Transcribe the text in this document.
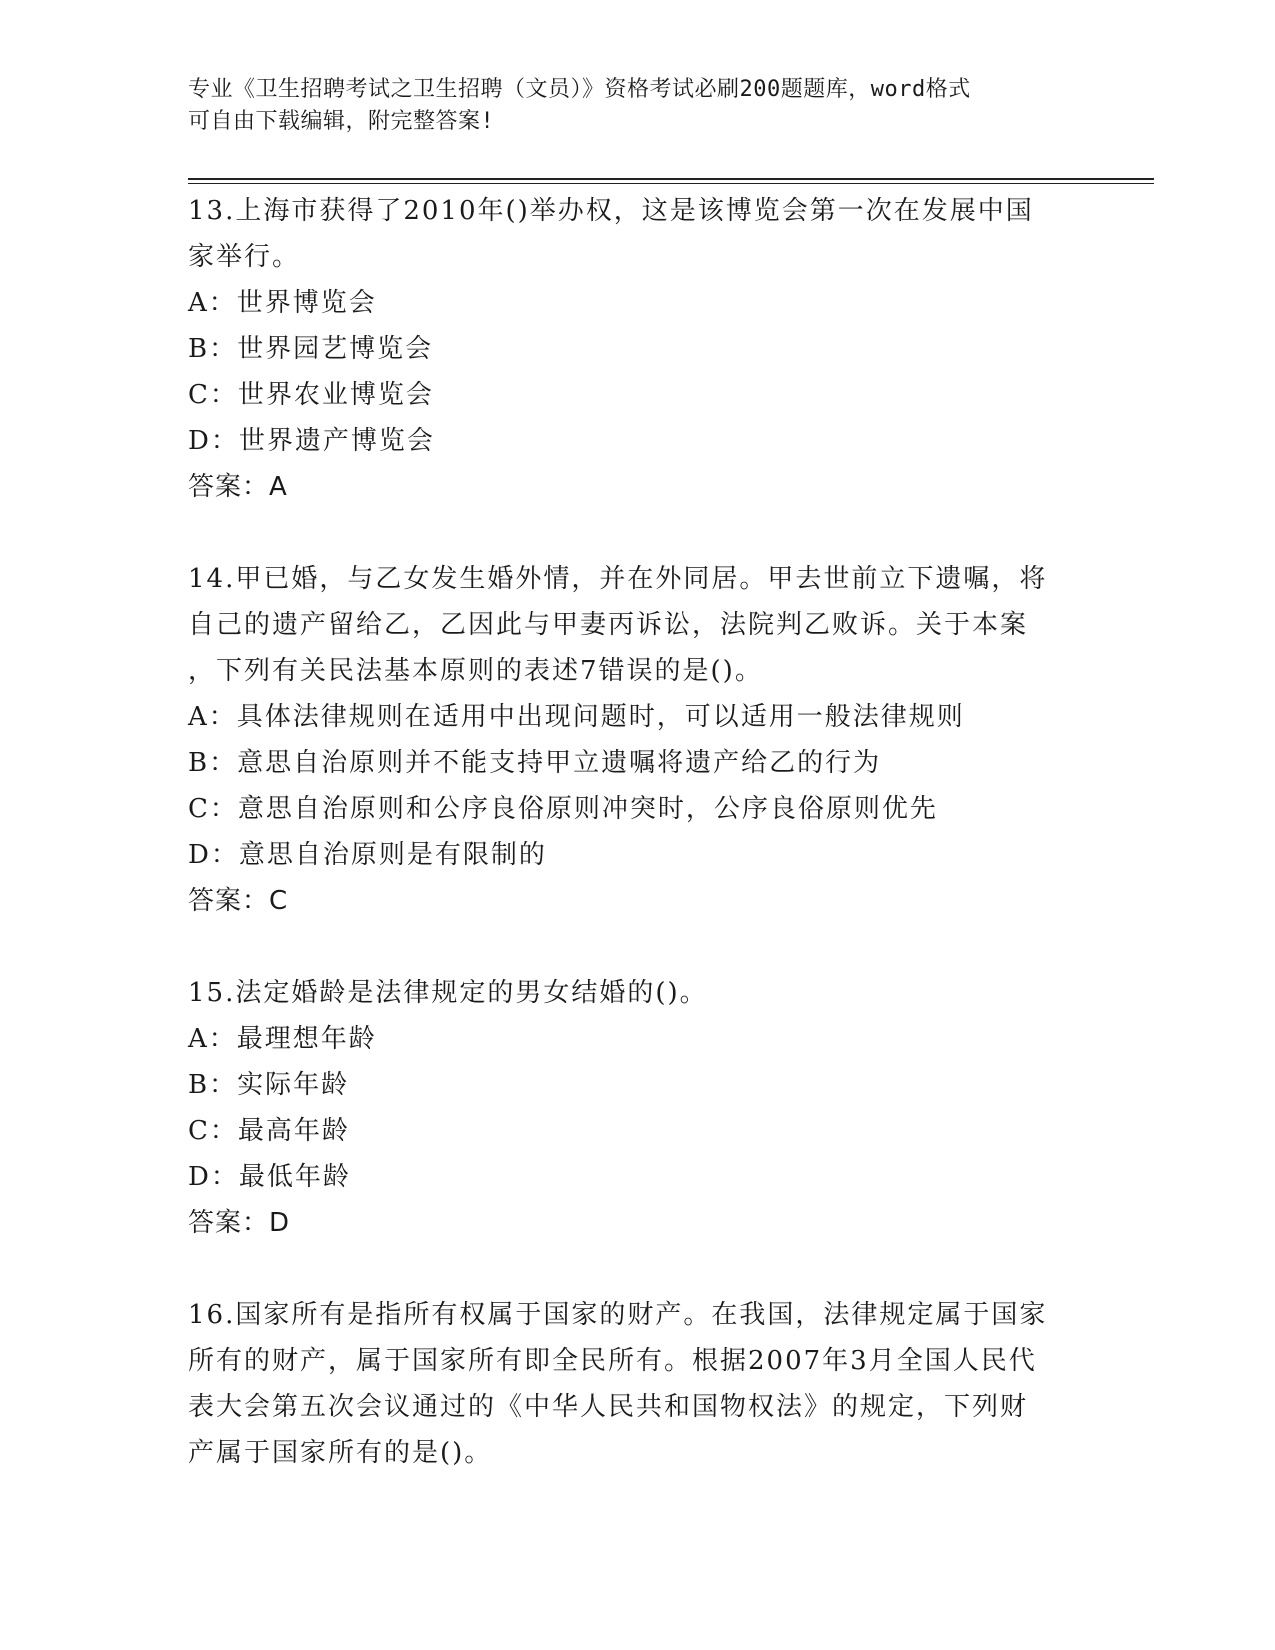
专业《卫生招聘考试之卫生招聘（文员）》资格考试必刷200题题库，word格式
可自由下载编辑，附完整答案!
13.上海市获得了2010年()举办权，这是该博览会第一次在发展中国
家举行。
A：世界博览会
B：世界园艺博览会
C：世界农业博览会
D：世界遗产博览会
答案：A
14.甲已婚，与乙女发生婚外情，并在外同居。甲去世前立下遗嘱，将
自己的遗产留给乙，乙因此与甲妻丙诉讼，法院判乙败诉。关于本案
，下列有关民法基本原则的表述7错误的是()。
A：具体法律规则在适用中出现问题时，可以适用一般法律规则
B：意思自治原则并不能支持甲立遗嘱将遗产给乙的行为
C：意思自治原则和公序良俗原则冲突时，公序良俗原则优先
D：意思自治原则是有限制的
答案：C
15.法定婚龄是法律规定的男女结婚的()。
A：最理想年龄
B：实际年龄
C：最高年龄
D：最低年龄
答案：D
16.国家所有是指所有权属于国家的财产。在我国，法律规定属于国家
所有的财产，属于国家所有即全民所有。根据2007年3月全国人民代
表大会第五次会议通过的《中华人民共和国物权法》的规定，下列财
产属于国家所有的是()。
